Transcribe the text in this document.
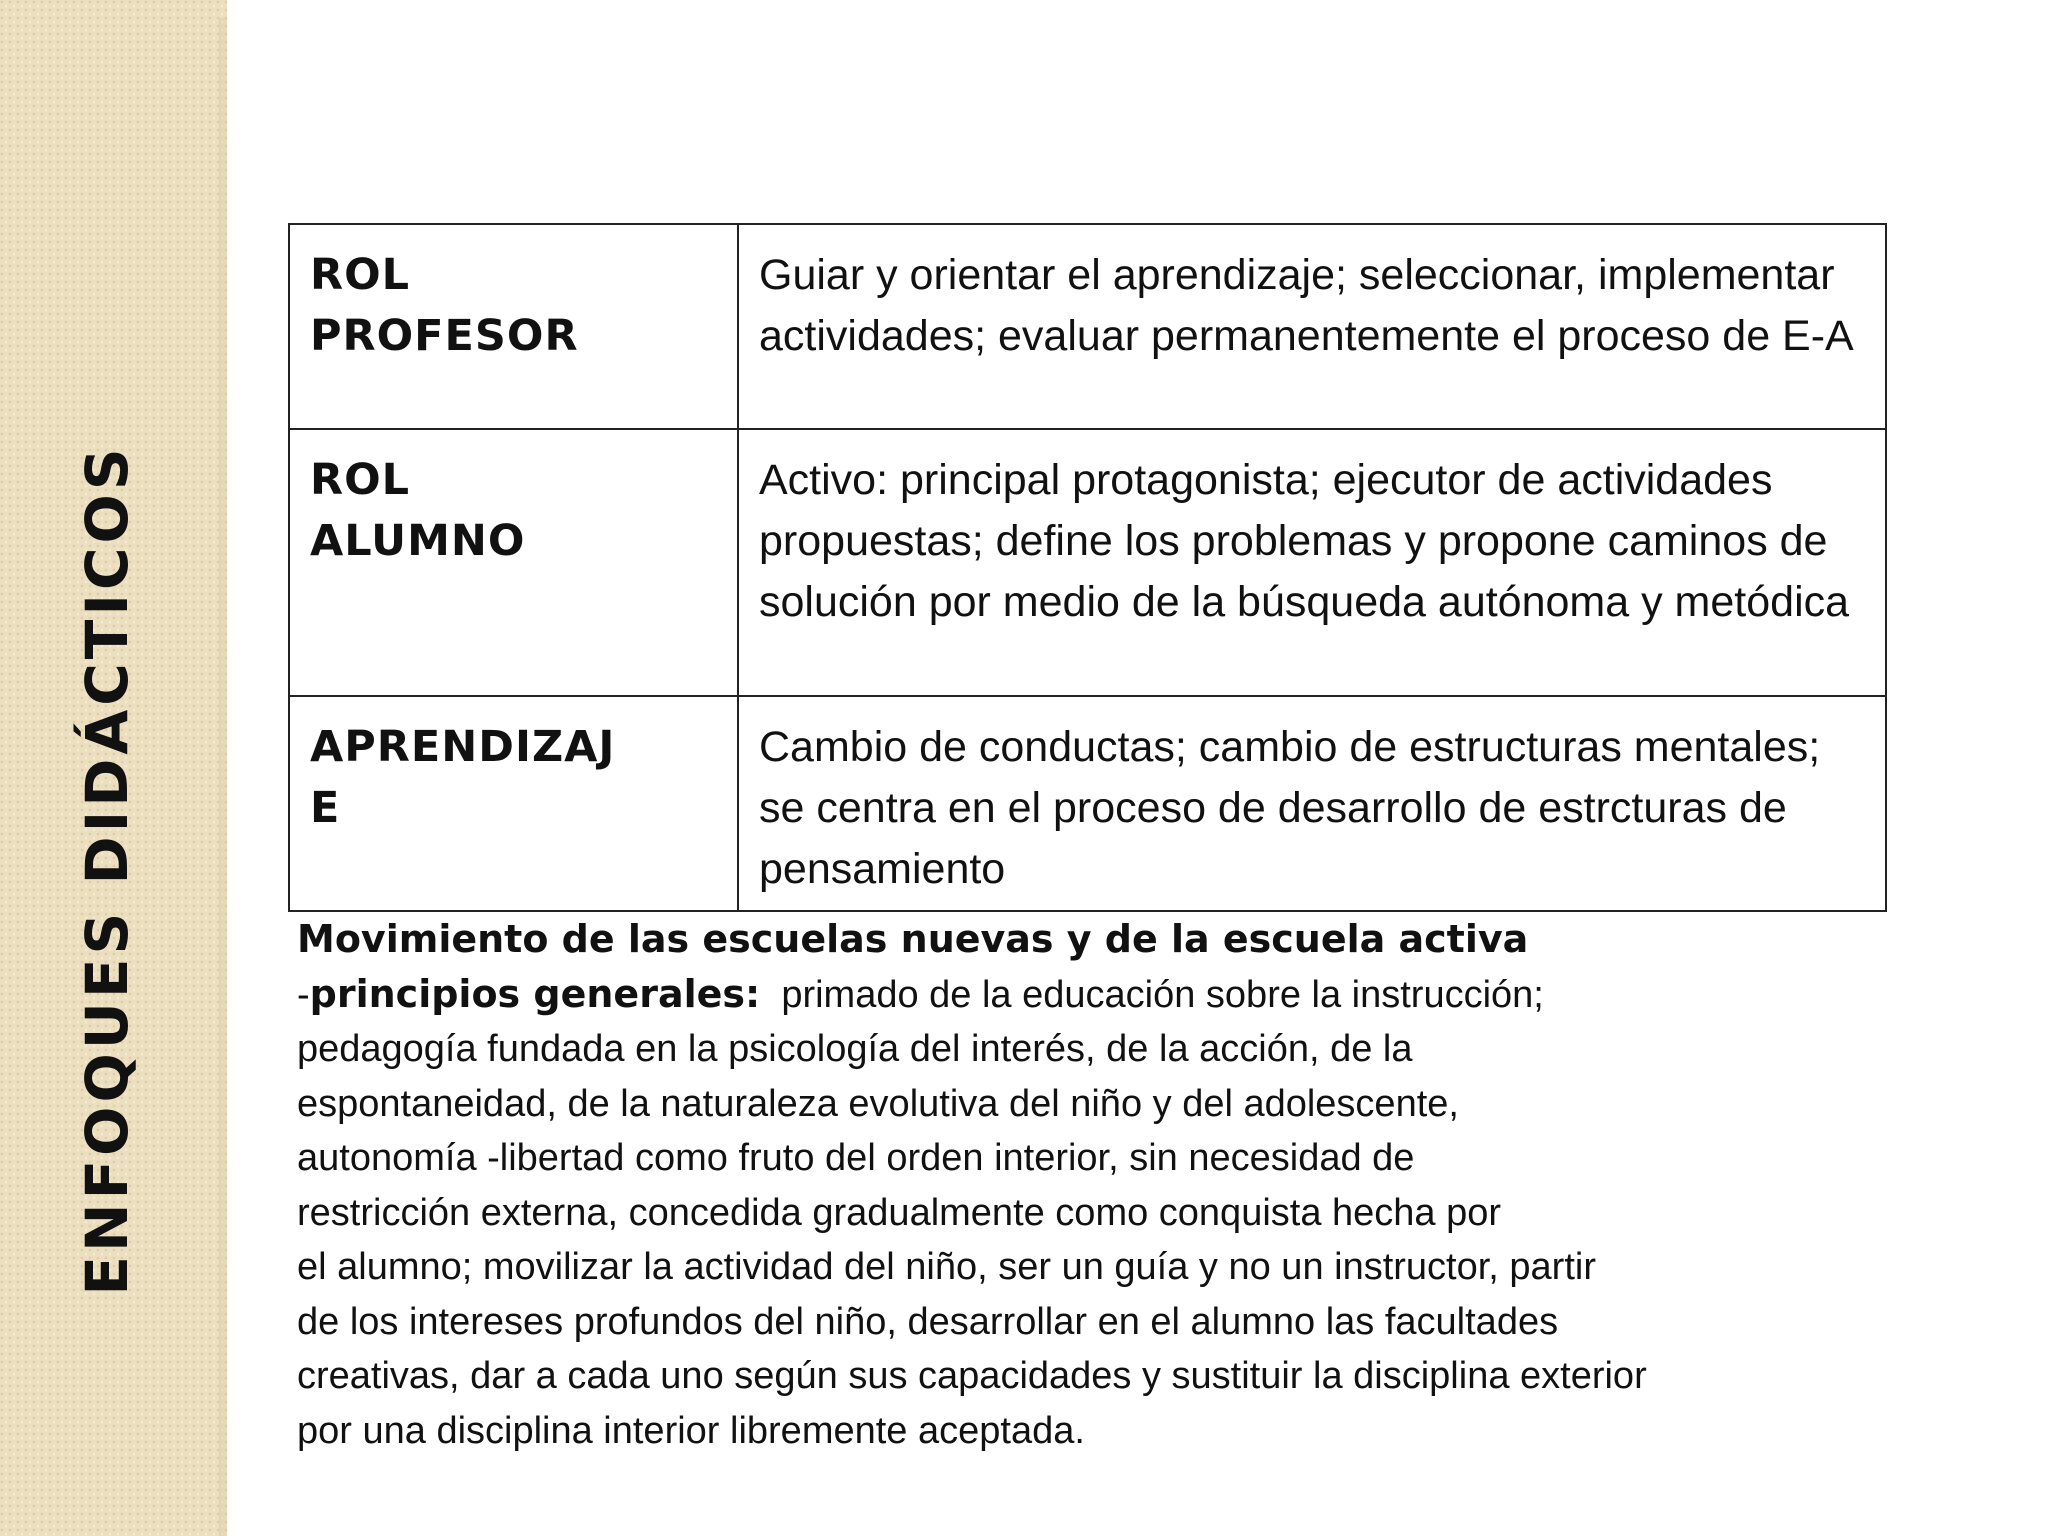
ENFOQUES DIDÁCTICOS
ROL
PROFESOR	Guiar y orientar el aprendizaje; seleccionar, implementar actividades; evaluar permanentemente el proceso de E-A

ROL
ALUMNO	Activo: principal protagonista; ejecutor de actividades propuestas; define los problemas y propone caminos de solución por medio de la búsqueda autónoma y metódica

APRENDIZAJ
E	Cambio de conductas; cambio de estructuras mentales; se centra en el proceso de desarrollo de estrcturas de pensamiento
Movimiento de las escuelas nuevas y de la escuela activa
-principios generales:  primado de la educación sobre la instrucción;
pedagogía fundada en la psicología del interés, de la acción, de la
espontaneidad, de la naturaleza evolutiva del niño y del adolescente,
autonomía -libertad como fruto del orden interior, sin necesidad de
restricción externa, concedida gradualmente como conquista hecha por
el alumno; movilizar la actividad del niño, ser un guía y no un instructor, partir
de los intereses profundos del niño, desarrollar en el alumno las facultades
creativas, dar a cada uno según sus capacidades y sustituir la disciplina exterior
por una disciplina interior libremente aceptada.
